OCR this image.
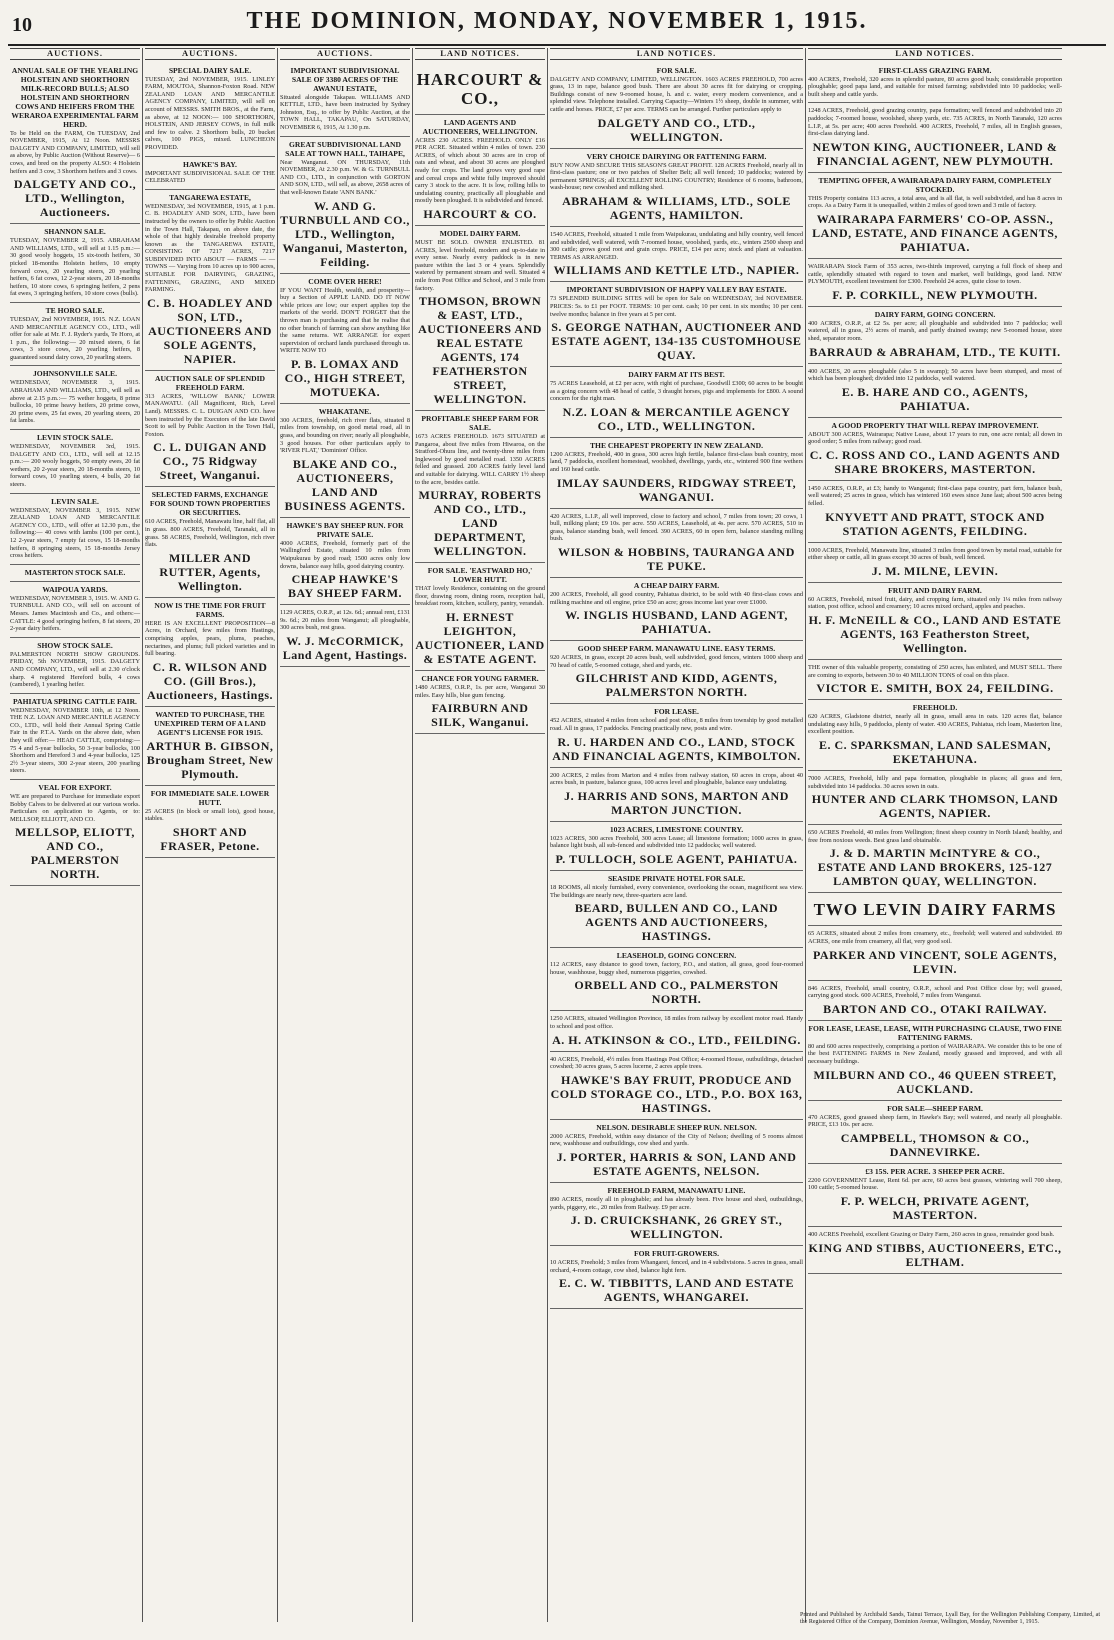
10	THE DOMINION, MONDAY, NOVEMBER 1, 1915.
AUCTIONS.
ANNUAL SALE OF THE YEARLING HOLSTEIN AND SHORTHORN MILK-RECORD BULLS; ALSO HOLSTEIN AND SHORTHORN COWS AND HEIFERS FROM THE WERAROA EXPERIMENTAL FARM HERD.
To be Held on the FARM, On TUESDAY, 2nd NOVEMBER, 1915, At 12 Noon. MESSRS DALGETY AND COMPANY, LIMITED, will sell as above, by Public Auction (Without Reserve)— 6 cows, and bred on the property ALSO: 4 Holstein heifers and 3 cow, 3 Shorthorn heifers and 3 cows.
DALGETY AND CO., LTD., Wellington, Auctioneers.
SHANNON SALE.
TUESDAY, NOVEMBER 2, 1915. ABRAHAM AND WILLIAMS, LTD., will sell at 1.15 p.m.:— 30 good wooly hoggets, 15 six-tooth heifers, 30 picked 18-months Holstein heifers, 10 empty forward cows, 20 yearling steers, 20 yearling heifers, 6 fat cows, 12 2-year steers, 20 18-months heifers, 10 store cows, 6 springing heifers, 2 pens fat ewes, 3 springing heifers, 10 store cows (bulls).
TE HORO SALE.
TUESDAY, 2nd NOVEMBER, 1915. N.Z. LOAN AND MERCANTILE AGENCY CO., LTD., will offer for sale at Mr. F. J. Ryder's yards, Te Horo, at 1 p.m., the following:— 20 mixed steers, 6 fat cows, 3 store cows, 20 yearling heifers, 8 guaranteed sound dairy cows, 20 yearling steers.
JOHNSONVILLE SALE.
WEDNESDAY, NOVEMBER 3, 1915. ABRAHAM AND WILLIAMS, LTD., will sell as above at 2.15 p.m.:— 75 wether hoggets, 8 prime bullocks, 10 prime heavy heifers, 20 prime cows, 20 prime ewes, 25 fat ewes, 20 yearling steers, 20 fat lambs.
LEVIN STOCK SALE.
WEDNESDAY, NOVEMBER 3rd, 1915. DALGETY AND CO., LTD., will sell at 12.15 p.m.:— 200 wooly hoggets, 50 empty ewes, 20 fat wethers, 20 2-year steers, 20 18-months steers, 10 forward cows, 10 yearling steers, 4 bulls, 20 fat steers.
LEVIN SALE.
WEDNESDAY, NOVEMBER 3, 1915. NEW ZEALAND LOAN AND MERCANTILE AGENCY CO., LTD., will offer at 12.30 p.m., the following:— 40 cows with lambs (100 per cent.), 12 2-year steers, 7 empty fat cows, 15 18-months heifers, 8 springing steers, 15 18-months Jersey cross heifers.
MASTERTON STOCK SALE.
WAIPOUA YARDS.
WEDNESDAY, NOVEMBER 3, 1915. W. AND G. TURNBULL AND CO., will sell on account of Messrs. James Macintosh and Co., and others:— CATTLE: 4 good springing heifers, 8 fat steers, 20 2-year dairy heifers.
SHOW STOCK SALE.
PALMERSTON NORTH SHOW GROUNDS. FRIDAY, 5th NOVEMBER, 1915. DALGETY AND COMPANY, LTD., will sell at 2.30 o'clock sharp. 4 registered Hereford bulls, 4 cows (cambered), 1 yearling heifer.
PAHIATUA SPRING CATTLE FAIR.
WEDNESDAY, NOVEMBER 10th, at 12 Noon. THE N.Z. LOAN AND MERCANTILE AGENCY CO., LTD., will hold their Annual Spring Cattle Fair in the P.T.A. Yards on the above date, when they will offer:— HEAD CATTLE, comprising:— 75 4 and 5-year bullocks, 50 3-year bullocks, 100 Shorthorn and Hereford 3 and 4-year bullocks, 125 2½ 3-year steers, 300 2-year steers, 200 yearling steers.
VEAL FOR EXPORT.
WE are prepared to Purchase for immediate export Bobby Calves to be delivered at our various works. Particulars on application to Agents, or to: MELLSOP, ELLIOTT, AND CO.
MELLSOP, ELIOTT, AND CO., PALMERSTON NORTH.
AUCTIONS.
SPECIAL DAIRY SALE.
TUESDAY, 2nd NOVEMBER, 1915. LINLEY FARM, MOUTOA, Shannon-Foxton Road. NEW ZEALAND LOAN AND MERCANTILE AGENCY COMPANY, LIMITED, will sell on account of MESSRS. SMITH BROS., at the Farm, as above, at 12 NOON:— 100 SHORTHORN, HOLSTEIN, AND JERSEY COWS, in full milk and few to calve. 2 Shorthorn bulls, 20 bucket calves, 100 PIGS, mixed. LUNCHEON PROVIDED.
HAWKE'S BAY.
IMPORTANT SUBDIVISIONAL SALE OF THE CELEBRATED
TANGAREWA ESTATE,
WEDNESDAY, 3rd NOVEMBER, 1915, at 1 p.m. C. B. HOADLEY AND SON, LTD., have been instructed by the owners to offer by Public Auction in the Town Hall, Takapau, on above date, the whole of that highly desirable freehold property known as the TANGAREWA ESTATE, CONSISTING OF 7217 ACRES, 7217 SUBDIVIDED INTO ABOUT — FARMS — — TOWNS — Varying from 10 acres up to 900 acres, SUITABLE FOR DAIRYING, GRAZING, FATTENING, GRAZING, AND MIXED FARMING.
C. B. HOADLEY AND SON, LTD., AUCTIONEERS AND SOLE AGENTS, NAPIER.
AUCTION SALE OF SPLENDID FREEHOLD FARM.
313 ACRES, 'WILLOW BANK,' LOWER MANAWATU. (All Magnificent, Rich, Level Land). MESSRS. C. L. DUIGAN AND CO. have been instructed by the Executors of the late David Scott to sell by Public Auction in the Town Hall, Foxton.
C. L. DUIGAN AND CO., 75 Ridgway Street, Wanganui.
SELECTED FARMS, EXCHANGE FOR SOUND TOWN PROPERTIES OR SECURITIES.
610 ACRES, Freehold, Manawatu line, half flat, all in grass. 800 ACRES, Freehold, Taranaki, all in grass. 58 ACRES, Freehold, Wellington, rich river flats.
MILLER AND RUTTER, Agents, Wellington.
NOW IS THE TIME FOR FRUIT FARMS.
HERE IS AN EXCELLENT PROPOSITION—8 Acres, in Orchard, few miles from Hastings, comprising apples, pears, plums, peaches, nectarines, and plums; full picked varieties and in full bearing.
C. R. WILSON AND CO. (Gill Bros.), Auctioneers, Hastings.
WANTED TO PURCHASE, THE UNEXPIRED TERM OF A LAND AGENT'S LICENSE FOR 1915.
ARTHUR B. GIBSON, Brougham Street, New Plymouth.
FOR IMMEDIATE SALE. LOWER HUTT.
25 ACRES (in block or small lots), good house, stables.
SHORT AND FRASER, Petone.
AUCTIONS.
IMPORTANT SUBDIVISIONAL SALE OF 3380 ACRES OF THE AWANUI ESTATE,
Situated alongside Takapau. WILLIAMS AND KETTLE, LTD., have been instructed by Sydney Johnston, Esq., to offer by Public Auction, at the TOWN HALL, TAKAPAU, On SATURDAY, NOVEMBER 6, 1915, At 1.30 p.m.
GREAT SUBDIVISIONAL LAND SALE AT TOWN HALL, TAIHAPE,
Near Wanganui. ON THURSDAY, 11th NOVEMBER, At 2.30 p.m. W. & G. TURNBULL AND CO., LTD., in conjunction with GORTON AND SON, LTD., will sell, as above, 2658 acres of that well-known Estate 'ANN BANK.'
W. AND G. TURNBULL AND CO., LTD., Wellington, Wanganui, Masterton, Feilding.
COME OVER HERE!
IF YOU WANT Health, wealth, and prosperity—buy a Section of APPLE LAND. DO IT NOW while prices are low; our expert applies top the markets of the world. DON'T FORGET that the thrown man is purchasing and that he realise that no other branch of farming can show anything like the same returns. WE ARRANGE for expert supervision of orchard lands purchased through us. WRITE NOW TO
P. B. LOMAX AND CO., HIGH STREET, MOTUEKA.
WHAKATANE.
300 ACRES, freehold, rich river flats, situated 8 miles from township, on good metal road, all in grass, and bounding on river; nearly all ploughable, 3 good houses. For other particulars apply to 'RIVER FLAT,' 'Dominion' Office.
BLAKE AND CO., AUCTIONEERS, LAND AND BUSINESS AGENTS.
HAWKE'S BAY SHEEP RUN. FOR PRIVATE SALE.
4000 ACRES, Freehold, formerly part of the Wallingford Estate, situated 10 miles from Waipukurau by good road; 1500 acres only low downs, balance easy hills, good dairying country.
CHEAP HAWKE'S BAY SHEEP FARM.
1129 ACRES, O.R.P., at 12s. 6d.; annual rent, £131 9s. 6d.; 20 miles from Wanganui; all ploughable, 300 acres bush, rest grass.
W. J. McCORMICK, Land Agent, Hastings.
LAND NOTICES.
HARCOURT & CO.,
LAND AGENTS AND AUCTIONEERS, WELLINGTON.
ACRES 230 ACRES. FREEHOLD. ONLY £16 PER ACRE. Situated within 4 miles of town. 230 ACRES, of which about 30 acres are in crop of oats and wheat, and about 30 acres are ploughed ready for crops. The land grows very good rape and cereal crops and white fully improved should carry 3 stock to the acre. It is low, rolling hills to undulating country, practically all ploughable and mostly been ploughed. It is subdivided and fenced.
HARCOURT & CO.
MODEL DAIRY FARM.
MUST BE SOLD. OWNER ENLISTED. 81 ACRES, level freehold, modern and up-to-date in every sense. Nearly every paddock is in new pasture within the last 3 or 4 years. Splendidly watered by permanent stream and well. Situated 4 mile from Post Office and School, and 3 mile from factory.
THOMSON, BROWN & EAST, LTD., AUCTIONEERS AND REAL ESTATE AGENTS, 174 FEATHERSTON STREET, WELLINGTON.
PROFITABLE SHEEP FARM FOR SALE.
1673 ACRES FREEHOLD. 1673 SITUATED at Pangaroa, about five miles from Hiwaroa, on the Stratford-Ohura line, and twenty-three miles from Inglewood by good metalled road. 1350 ACRES felled and grassed. 200 ACRES fairly level land and suitable for dairying. WILL CARRY 1½ sheep to the acre, besides cattle.
MURRAY, ROBERTS AND CO., LTD., LAND DEPARTMENT, WELLINGTON.
FOR SALE. 'EASTWARD HO,' LOWER HUTT.
THAT lovely Residence, containing on the ground floor, drawing room, dining room, reception hall, breakfast room, kitchen, scullery, pantry, verandah.
H. ERNEST LEIGHTON, AUCTIONEER, LAND & ESTATE AGENT.
CHANCE FOR YOUNG FARMER.
1480 ACRES, O.R.P., 1s. per acre, Wanganui 30 miles. Easy hills, blue gum fencing.
FAIRBURN AND SILK, Wanganui.
LAND NOTICES.
FOR SALE.
DALGETY AND COMPANY, LIMITED, WELLINGTON. 1603 ACRES FREEHOLD, 700 acres grass, 13 in rape, balance good bush. There are about 30 acres fit for dairying or cropping. Buildings consist of new 9-roomed house, h. and c. water, every modern convenience, and a splendid view. Telephone installed. Carrying Capacity—Winters 1½ sheep, double in summer, with cattle and horses. PRICE, £7 per acre. TERMS can be arranged. Further particulars apply to
DALGETY AND CO., LTD., WELLINGTON.
VERY CHOICE DAIRYING OR FATTENING FARM.
BUY NOW AND SECURE THIS SEASON'S GREAT PROFIT. 128 ACRES Freehold, nearly all in first-class pasture; one or two patches of Shelter Belt; all well fenced; 10 paddocks; watered by permanent SPRINGS; all EXCELLENT ROLLING COUNTRY; Residence of 6 rooms, bathroom, wash-house; new cowshed and milking shed.
ABRAHAM & WILLIAMS, LTD., SOLE AGENTS, HAMILTON.
1540 ACRES, Freehold, situated 1 mile from Waipukurau, undulating and hilly country, well fenced and subdivided, well watered, with 7-roomed house, woolshed, yards, etc., winters 2500 sheep and 300 cattle; grows good root and grain crops. PRICE, £14 per acre; stock and plant at valuation. TERMS AS ARRANGED.
WILLIAMS AND KETTLE LTD., NAPIER.
IMPORTANT SUBDIVISION OF HAPPY VALLEY BAY ESTATE.
73 SPLENDID BUILDING SITES will be open for Sale on WEDNESDAY, 3rd NOVEMBER. PRICES: 5s. to £1 per FOOT. TERMS: 10 per cent. cash; 10 per cent. in six months; 10 per cent. twelve months; balance in five years at 5 per cent.
S. GEORGE NATHAN, AUCTIONEER AND ESTATE AGENT, 134-135 CUSTOMHOUSE QUAY.
DAIRY FARM AT ITS BEST.
75 ACRES Leasehold, at £2 per acre, with right of purchase, Goodwill £300; 60 acres to be bought as a going concern with 48 head of cattle, 3 draught horses, pigs and implements for £800. A sound concern for the right man.
N.Z. LOAN & MERCANTILE AGENCY CO., LTD., WELLINGTON.
THE CHEAPEST PROPERTY IN NEW ZEALAND.
1200 ACRES, Freehold, 400 in grass, 300 acres high fertile, balance first-class bush country, most land, 7 paddocks, excellent homestead, woolshed, dwellings, yards, etc., wintered 900 fine wethers and 160 head cattle.
IMLAY SAUNDERS, RIDGWAY STREET, WANGANUI.
420 ACRES, L.I.P., all well improved, close to factory and school, 7 miles from town; 20 cows, 1 bull, milking plant; £9 10s. per acre. 550 ACRES, Leasehold, at 4s. per acre. 570 ACRES, 510 in grass, balance standing bush, well fenced. 390 ACRES, 60 in open fern, balance standing milling bush.
WILSON & HOBBINS, TAURANGA AND TE PUKE.
A CHEAP DAIRY FARM.
200 ACRES, Freehold, all good country, Pahiatua district, to be sold with 40 first-class cows and milking machine and oil engine, price £50 an acre; gross income last year over £1000.
W. INGLIS HUSBAND, LAND AGENT, PAHIATUA.
GOOD SHEEP FARM. MANAWATU LINE. EASY TERMS.
920 ACRES, in grass, except 20 acres bush, well subdivided, good fences, winters 1000 sheep and 70 head of cattle, 5-roomed cottage, shed and yards, etc.
GILCHRIST AND KIDD, AGENTS, PALMERSTON NORTH.
FOR LEASE.
452 ACRES, situated 4 miles from school and post office, 8 miles from township by good metalled road. All in grass, 17 paddocks. Fencing practically new, posts and wire.
R. U. HARDEN AND CO., LAND, STOCK AND FINANCIAL AGENTS, KIMBOLTON.
200 ACRES, 2 miles from Marton and 4 miles from railway station, 60 acres in crops, about 40 acres bush, in pasture, balance grass, 100 acres level and ploughable, balance easy undulating.
J. HARRIS AND SONS, MARTON AND MARTON JUNCTION.
1023 ACRES, LIMESTONE COUNTRY.
1023 ACRES, 300 acres Freehold, 300 acres Lease; all limestone formation; 1000 acres in grass, balance light bush, all sub-fenced and subdivided into 12 paddocks; well watered.
P. TULLOCH, SOLE AGENT, PAHIATUA.
SEASIDE PRIVATE HOTEL FOR SALE.
18 ROOMS, all nicely furnished, every convenience, overlooking the ocean, magnificent sea view. The buildings are nearly new, three-quarters acre land.
BEARD, BULLEN AND CO., LAND AGENTS AND AUCTIONEERS, HASTINGS.
LEASEHOLD, GOING CONCERN.
112 ACRES, easy distance to good town, factory, P.O., and station, all grass, good four-roomed house, washhouse, buggy shed, numerous piggeries, cowshed.
ORBELL AND CO., PALMERSTON NORTH.
1250 ACRES, situated Wellington Province, 18 miles from railway by excellent motor road. Handy to school and post office.
A. H. ATKINSON & CO., LTD., FEILDING.
40 ACRES, Freehold, 4½ miles from Hastings Post Office; 4-roomed House, outbuildings, detached cowshed; 30 acres grass, 5 acres lucerne, 2 acres apple trees.
HAWKE'S BAY FRUIT, PRODUCE AND COLD STORAGE CO., LTD., P.O. BOX 163, HASTINGS.
NELSON. DESIRABLE SHEEP RUN. NELSON.
2000 ACRES, Freehold, within easy distance of the City of Nelson; dwelling of 5 rooms almost new, washhouse and outbuildings, cow shed and yards.
J. PORTER, HARRIS & SON, LAND AND ESTATE AGENTS, NELSON.
FREEHOLD FARM, MANAWATU LINE.
890 ACRES, mostly all in ploughable; and has already been. Five house and shed, outbuildings, yards, piggery, etc., 20 miles from Railway. £9 per acre.
J. D. CRUICKSHANK, 26 GREY ST., WELLINGTON.
FOR FRUIT-GROWERS.
10 ACRES, Freehold; 3 miles from Whangarei, fenced, and in 4 subdivisions. 5 acres in grass, small orchard, 4-room cottage, cow shed, balance light fern.
E. C. W. TIBBITTS, LAND AND ESTATE AGENTS, WHANGAREI.
LAND NOTICES.
FIRST-CLASS GRAZING FARM.
400 ACRES, Freehold, 320 acres in splendid pasture, 80 acres good bush; considerable proportion ploughable; good papa land, and suitable for mixed farming; subdivided into 10 paddocks; well-built sheep and cattle yards.
1248 ACRES, Freehold, good grazing country, papa formation; well fenced and subdivided into 20 paddocks; 7-roomed house, woolshed, sheep yards, etc. 735 ACRES, in North Taranaki, 120 acres L.I.P., at 5s. per acre; 400 acres Freehold. 400 ACRES, Freehold, 7 miles, all in English grasses, first-class dairying land.
NEWTON KING, AUCTIONEER, LAND & FINANCIAL AGENT, NEW PLYMOUTH.
TEMPTING OFFER, A WAIRARAPA DAIRY FARM, COMPLETELY STOCKED.
THIS Property contains 113 acres, a total area, and is all flat, is well subdivided, and has 8 acres in crops. As a Dairy Farm it is unequalled, within 2 miles of good town and 3 mile of factory.
WAIRARAPA FARMERS' CO-OP. ASSN., LAND, ESTATE, AND FINANCE AGENTS, PAHIATUA.
WAIRARAPA Stock Farm of 353 acres, two-thirds improved, carrying a full flock of sheep and cattle, splendidly situated with regard to town and market, well buildings, good land. NEW PLYMOUTH, excellent investment for £300. Freehold 24 acres, quite close to town.
F. P. CORKILL, NEW PLYMOUTH.
DAIRY FARM, GOING CONCERN.
400 ACRES, O.R.P., at £2 5s. per acre; all ploughable and subdivided into 7 paddocks; well watered, all in grass, 2½ acres of marsh, and partly drained swamp; new 5-roomed house, store shed, separator room.
BARRAUD & ABRAHAM, LTD., TE KUITI.
400 ACRES, 20 acres ploughable (also 5 in swamp); 50 acres have been stumped, and most of which has been ploughed; divided into 12 paddocks, well watered.
E. B. HARE AND CO., AGENTS, PAHIATUA.
A GOOD PROPERTY THAT WILL REPAY IMPROVEMENT.
ABOUT 300 ACRES, Wairarapa; Native Lease, about 17 years to run, one acre rental; all down in good order; 5 miles from railway; good road.
C. C. ROSS AND CO., LAND AGENTS AND SHARE BROKERS, MASTERTON.
1450 ACRES, O.R.P., at £3; handy to Wanganui; first-class papa country, part fern, balance bush, well watered; 25 acres in grass, which has wintered 160 ewes since June last; about 500 acres being felled.
KNYVETT AND PRATT, STOCK AND STATION AGENTS, FEILDING.
1000 ACRES, Freehold, Manawatu line, situated 3 miles from good town by metal road, suitable for either sheep or cattle, all in grass except 30 acres of bush, well fenced.
J. M. MILNE, LEVIN.
FRUIT AND DAIRY FARM.
60 ACRES, Freehold, mixed fruit, dairy, and cropping farm, situated only 1¼ miles from railway station, post office, school and creamery; 10 acres mixed orchard, apples and peaches.
H. F. McNEILL & CO., LAND AND ESTATE AGENTS, 163 Featherston Street, Wellington.
THE owner of this valuable property, consisting of 250 acres, has enlisted, and MUST SELL. There are coming to exports, between 30 to 40 MILLION TONS of coal on this place.
VICTOR E. SMITH, BOX 24, FEILDING.
FREEHOLD.
620 ACRES, Gladstone district, nearly all in grass, small area in oats. 120 acres flat, balance undulating easy hills, 9 paddocks, plenty of water. 430 ACRES, Pahiatua, rich loam, Masterton line, excellent position.
E. C. SPARKSMAN, LAND SALESMAN, EKETAHUNA.
7000 ACRES, Freehold, hilly and papa formation, ploughable in places; all grass and fern, subdivided into 14 paddocks. 30 acres sown in oats.
HUNTER AND CLARK THOMSON, LAND AGENTS, NAPIER.
650 ACRES Freehold, 40 miles from Wellington; finest sheep country in North Island; healthy, and free from noxious weeds. Best grass land obtainable.
J. & D. MARTIN McINTYRE & CO., ESTATE AND LAND BROKERS, 125-127 LAMBTON QUAY, WELLINGTON.
TWO LEVIN DAIRY FARMS
65 ACRES, situated about 2 miles from creamery, etc., freehold; well watered and subdivided. 89 ACRES, one mile from creamery, all flat, very good soil.
PARKER AND VINCENT, SOLE AGENTS, LEVIN.
846 ACRES, Freehold, small country, O.R.P., school and Post Office close by; well grassed, carrying good stock. 600 ACRES, Freehold, 7 miles from Wanganui.
BARTON AND CO., OTAKI RAILWAY.
FOR LEASE, LEASE, LEASE, WITH PURCHASING CLAUSE, TWO FINE FATTENING FARMS.
80 and 600 acres respectively, comprising a portion of WAIRARAPA. We consider this to be one of the best FATTENING FARMS in New Zealand, mostly grassed and improved, and with all necessary buildings.
MILBURN AND CO., 46 QUEEN STREET, AUCKLAND.
FOR SALE—SHEEP FARM.
470 ACRES, good grassed sheep farm, in Hawke's Bay; well watered, and nearly all ploughable. PRICE, £13 10s. per acre.
CAMPBELL, THOMSON & CO., DANNEVIRKE.
£3 15S. PER ACRE. 3 SHEEP PER ACRE.
2200 GOVERNMENT Lease, Rent 6d. per acre, 60 acres best grasses, wintering well 700 sheep, 100 cattle; 5-roomed house.
F. P. WELCH, PRIVATE AGENT, MASTERTON.
400 ACRES Freehold, excellent Grazing or Dairy Farm, 260 acres in grass, remainder good bush.
KING AND STIBBS, AUCTIONEERS, ETC., ELTHAM.
Printed and Published by Archibald Sands, Tainui Terrace, Lyall Bay, for the Wellington Publishing Company, Limited, at the Registered Office of the Company, Dominion Avenue, Wellington, Monday, November 1, 1915.
